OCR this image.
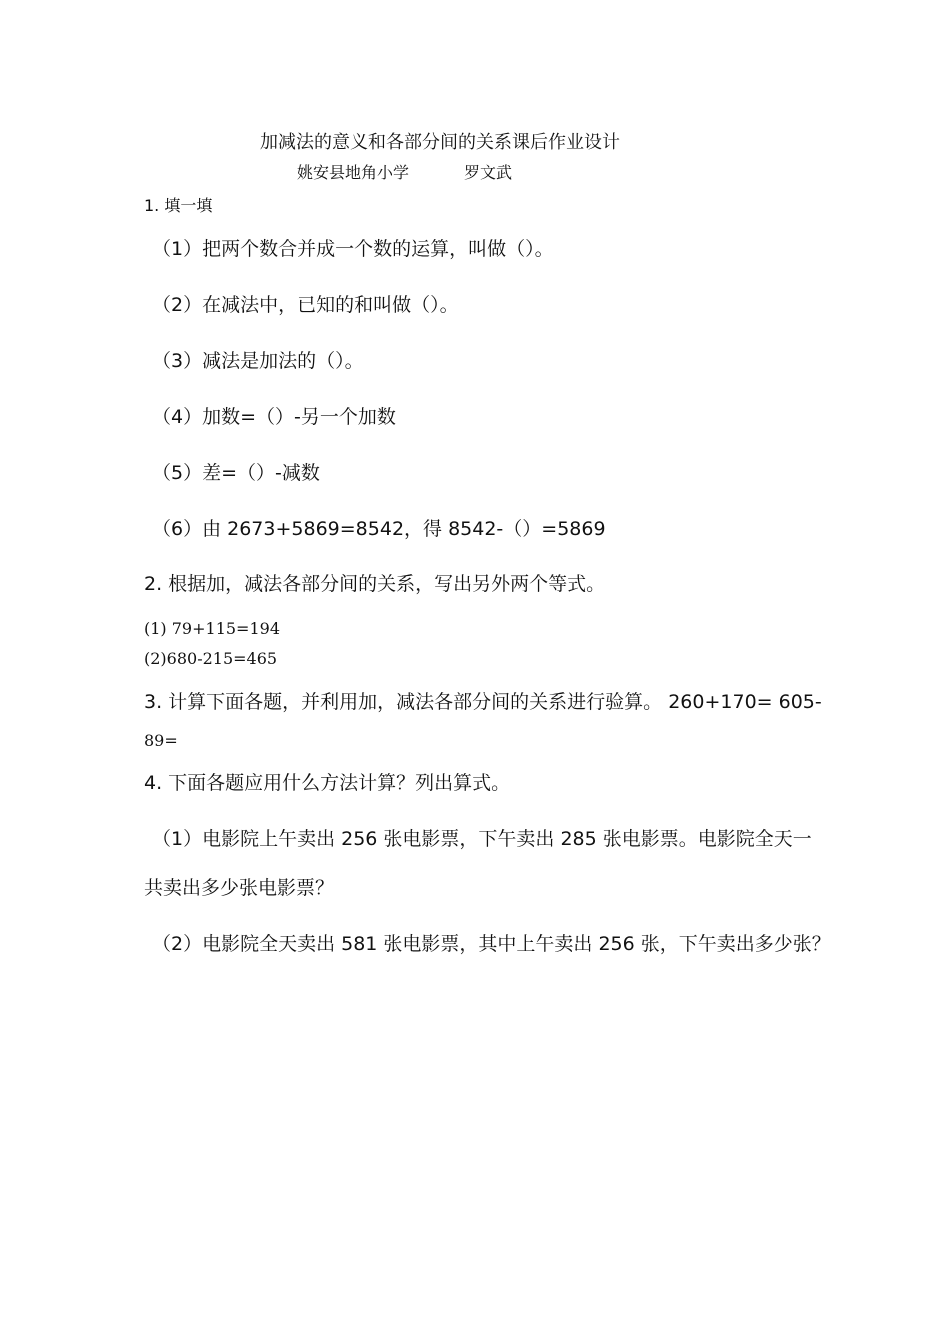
加减法的意义和各部分间的关系课后作业设计
姚安县地角小学	罗文武
1. 填一填
（1）把两个数合并成一个数的运算，叫做（）。
（2）在减法中，已知的和叫做（）。
（3）减法是加法的（）。
（4）加数=（）-另一个加数
（5）差=（）-减数
（6）由 2673+5869=8542，得 8542-（）=5869
2. 根据加，减法各部分间的关系，写出另外两个等式。
(1) 79+115=194
(2)680-215=465
3. 计算下面各题，并利用加，减法各部分间的关系进行验算。 260+170= 605-
89=
4. 下面各题应用什么方法计算？列出算式。
（1）电影院上午卖出 256 张电影票，下午卖出 285 张电影票。电影院全天一
共卖出多少张电影票？
（2）电影院全天卖出 581 张电影票，其中上午卖出 256 张，下午卖出多少张？
